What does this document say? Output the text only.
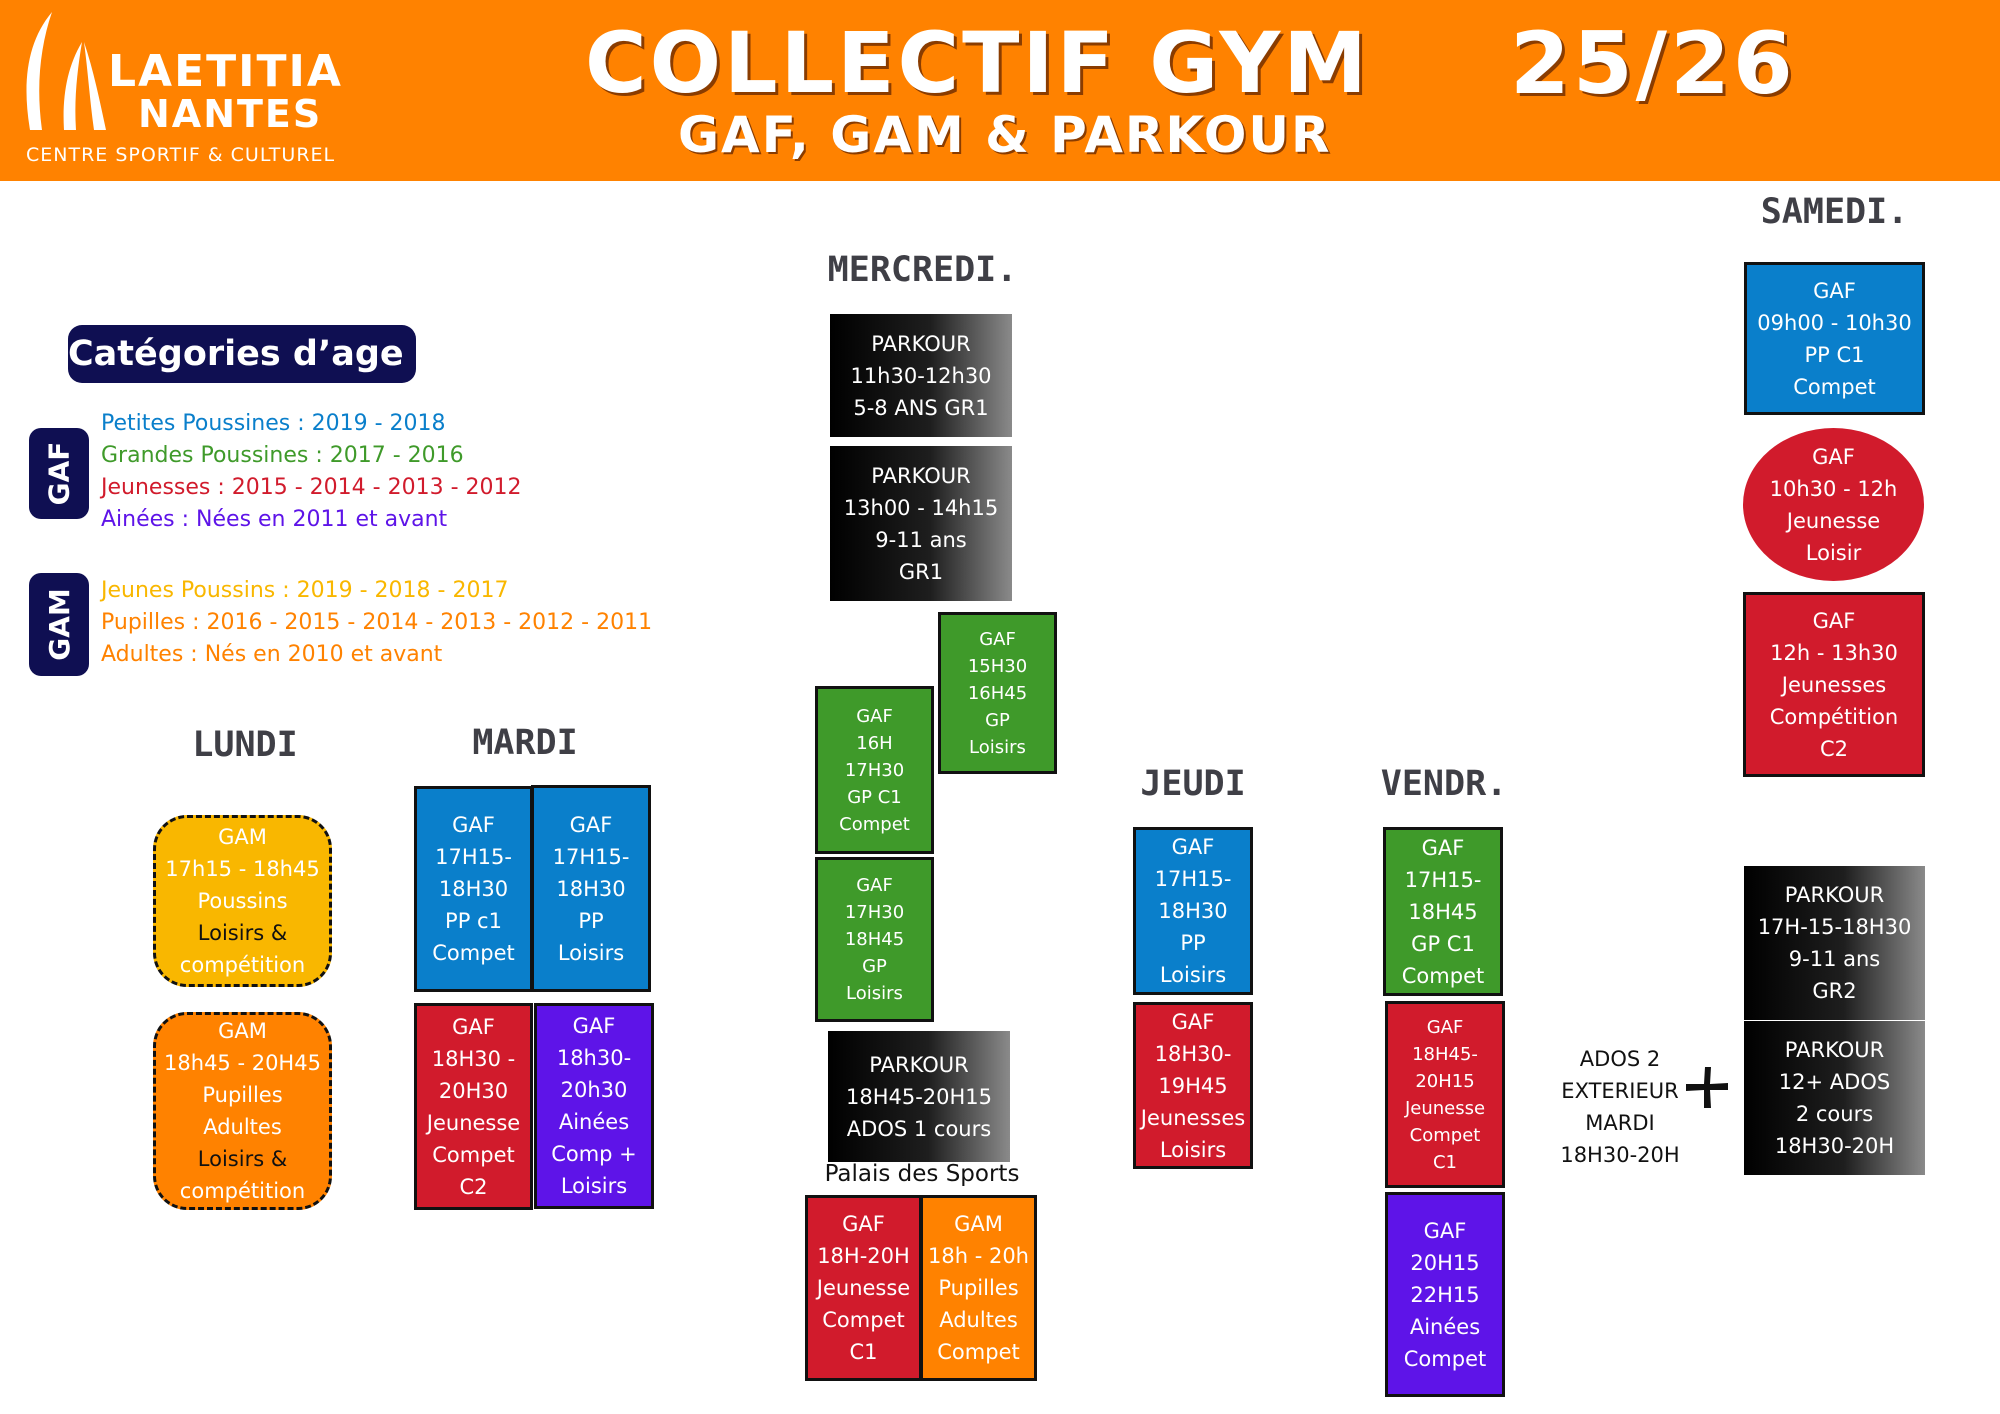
LAETITIA
NANTES
CENTRE SPORTIF & CULTUREL
COLLECTIF GYM 25/26
GAF, GAM & PARKOUR
Catégories d’age :
GAF
GAM
Petites Poussines : 2019 - 2018
Grandes Poussines : 2017 - 2016
Jeunesses : 2015 - 2014 - 2013 - 2012
Ainées : Nées en 2011 et avant
Jeunes Poussins : 2019 - 2018 - 2017
Pupilles : 2016 - 2015 - 2014 - 2013 - 2012 - 2011
Adultes : Nés en 2010 et avant
LUNDI	MARDI
MERCREDI.
JEUDI	VENDR.
SAMEDI.
GAM
17h15 - 18h45
Poussins
Loisirs &
compétition
GAM
18h45 - 20H45
Pupilles
Adultes
Loisirs &
compétition
GAF
17H15-
18H30
PP c1
Compet
GAF
17H15-
18H30
PP
Loisirs
GAF
18H30 -
20H30
Jeunesse
Compet
C2
GAF
18h30-
20h30
Ainées
Comp +
Loisirs
PARKOUR
11h30-12h30
5-8 ANS GR1
PARKOUR
13h00 - 14h15
9-11 ans
GR1
GAF
15H30
16H45
GP
Loisirs
GAF
16H
17H30
GP C1
Compet
GAF
17H30
18H45
GP
Loisirs
PARKOUR
18H45-20H15
ADOS 1 cours
Palais des Sports
GAF
18H-20H
Jeunesse
Compet
C1
GAM
18h - 20h
Pupilles
Adultes
Compet
GAF
17H15-
18H30
PP
Loisirs
GAF
18H30-
19H45
Jeunesses
Loisirs
GAF
17H15-
18H45
GP C1
Compet
GAF
18H45-
20H15
Jeunesse
Compet
C1
GAF
20H15
22H15
Ainées
Compet
ADOS 2
EXTERIEUR
MARDI
18H30-20H
GAF
09h00 - 10h30
PP C1
Compet
GAF
10h30 - 12h
Jeunesse
Loisir
GAF
12h - 13h30
Jeunesses
Compétition
C2
PARKOUR
17H-15-18H30
9-11 ans
GR2
PARKOUR
12+ ADOS
2 cours
18H30-20H
